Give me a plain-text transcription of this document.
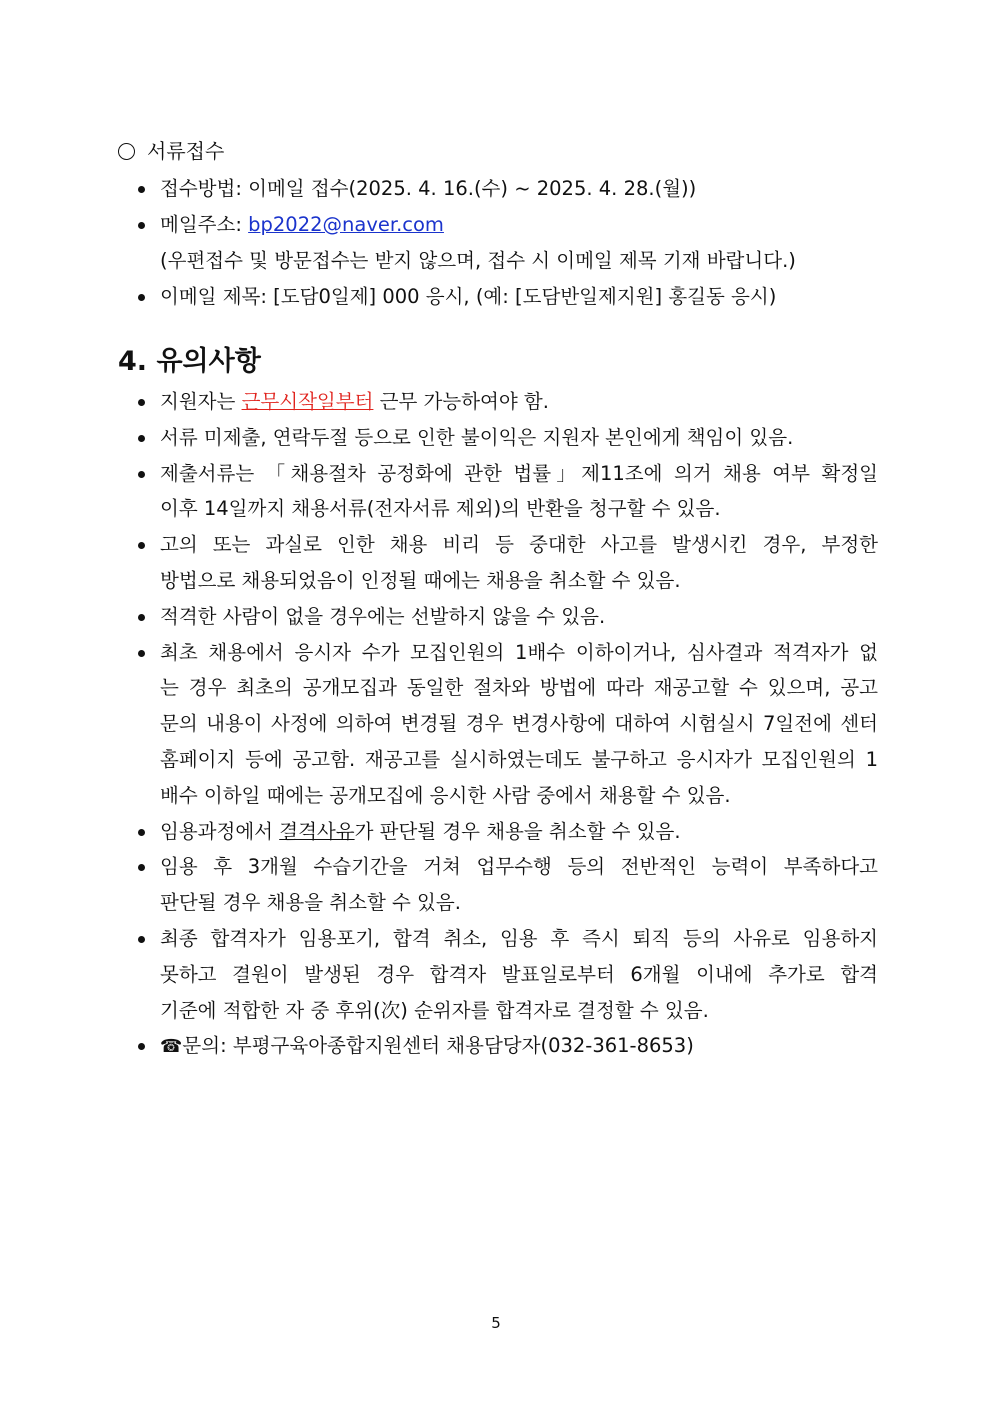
서류접수
접수방법: 이메일 접수(2025. 4. 16.(수) ~ 2025. 4. 28.(월))
메일주소: bp2022@naver.com
(우편접수 및 방문접수는 받지 않으며, 접수 시 이메일 제목 기재 바랍니다.)
이메일 제목: [도담0일제] 000 응시, (예: [도담반일제지원] 홍길동 응시)
4. 유의사항
지원자는 근무시작일부터 근무 가능하여야 함.
서류 미제출, 연락두절 등으로 인한 불이익은 지원자 본인에게 책임이 있음.
제출서류는 「채용절차 공정화에 관한 법률」제11조에 의거 채용 여부 확정일
이후 14일까지 채용서류(전자서류 제외)의 반환을 청구할 수 있음.
고의 또는 과실로 인한 채용 비리 등 중대한 사고를 발생시킨 경우, 부정한
방법으로 채용되었음이 인정될 때에는 채용을 취소할 수 있음.
적격한 사람이 없을 경우에는 선발하지 않을 수 있음.
최초 채용에서 응시자 수가 모집인원의 1배수 이하이거나, 심사결과 적격자가 없
는 경우 최초의 공개모집과 동일한 절차와 방법에 따라 재공고할 수 있으며, 공고
문의 내용이 사정에 의하여 변경될 경우 변경사항에 대하여 시험실시 7일전에 센터
홈페이지 등에 공고함. 재공고를 실시하였는데도 불구하고 응시자가 모집인원의 1
배수 이하일 때에는 공개모집에 응시한 사람 중에서 채용할 수 있음.
임용과정에서 결격사유가 판단될 경우 채용을 취소할 수 있음.
임용 후 3개월 수습기간을 거쳐 업무수행 등의 전반적인 능력이 부족하다고
판단될 경우 채용을 취소할 수 있음.
최종 합격자가 임용포기, 합격 취소, 임용 후 즉시 퇴직 등의 사유로 임용하지
못하고 결원이 발생된 경우 합격자 발표일로부터 6개월 이내에 추가로 합격
기준에 적합한 자 중 후위(次) 순위자를 합격자로 결정할 수 있음.
☎문의: 부평구육아종합지원센터 채용담당자(032-361-8653)
5
